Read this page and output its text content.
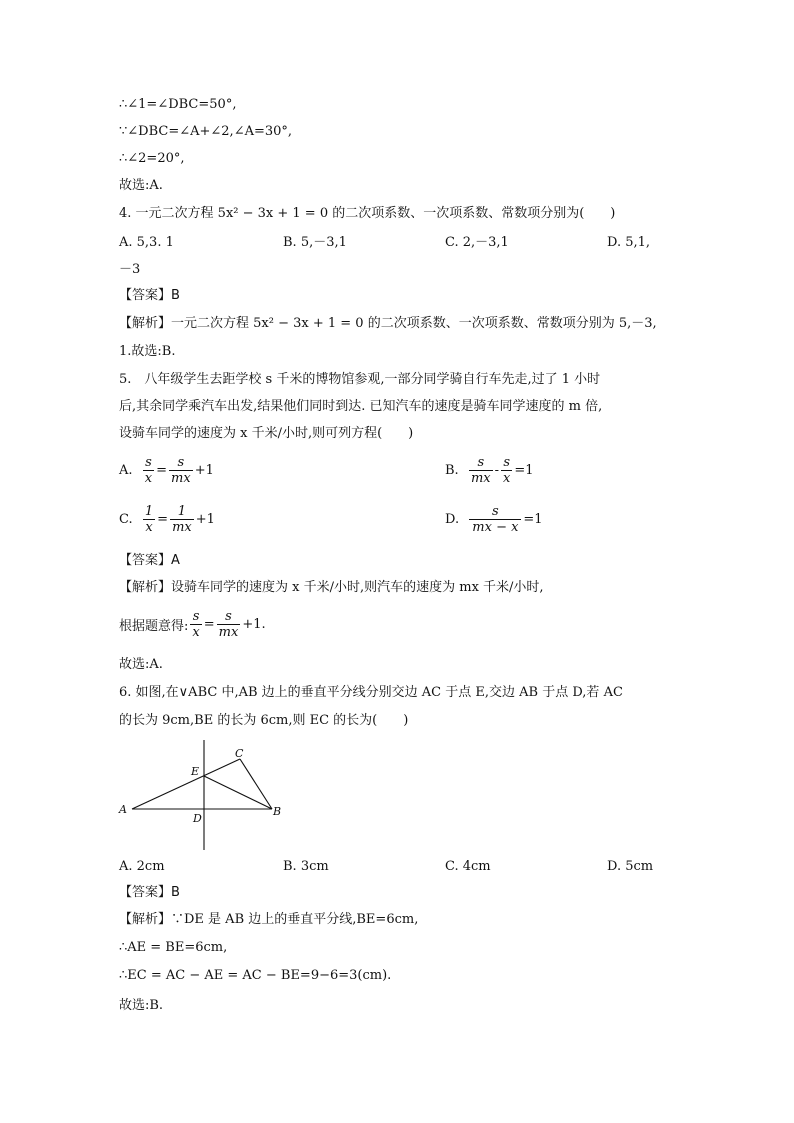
∴∠1=∠DBC=50°,
∵∠DBC=∠A+∠2,∠A=30°,
∴∠2=20°,
故选:A.
4. 一元二次方程 5x² − 3x + 1 = 0 的二次项系数、一次项系数、常数项分别为(　　)
A. 5,3. 1	B. 5,－3,1	C. 2,－3,1	D. 5,1,
－3
【答案】B
【解析】一元二次方程 5x² − 3x + 1 = 0 的二次项系数、一次项系数、常数项分别为 5,－3,
1.故选:B.
5.　八年级学生去距学校 s 千米的博物馆参观,一部分同学骑自行车先走,过了 1 小时
后,其余同学乘汽车出发,结果他们同时到达. 已知汽车的速度是骑车同学速度的 m 倍,
设骑车同学的速度为 x 千米/小时,则可列方程(　　)
A.
$\frac{s}{x} = \frac{s}{mx} +1$	B.
$\frac{s}{mx} - \frac{s}{x} =1$
C.
$\frac{1}{x} = \frac{1}{mx} +1$	D.
$\frac{s}{mx - x} =1$
【答案】A
【解析】设骑车同学的速度为 x 千米/小时,则汽车的速度为 mx 千米/小时,
根据题意得: $\frac{s}{x} = \frac{s}{mx} +1$.
故选:A.
6. 如图,在∨ABC 中,AB 边上的垂直平分线分别交边 AC 于点 E,交边 AB 于点 D,若 AC
的长为 9cm,BE 的长为 6cm,则 EC 的长为(　　)
A	B
C
D
E
A. 2cm	B. 3cm	C. 4cm	D. 5cm
【答案】B
【解析】∵DE 是 AB 边上的垂直平分线,BE=6cm,
∴AE = BE=6cm,
∴EC = AC − AE = AC − BE=9−6=3(cm).
故选:B.
